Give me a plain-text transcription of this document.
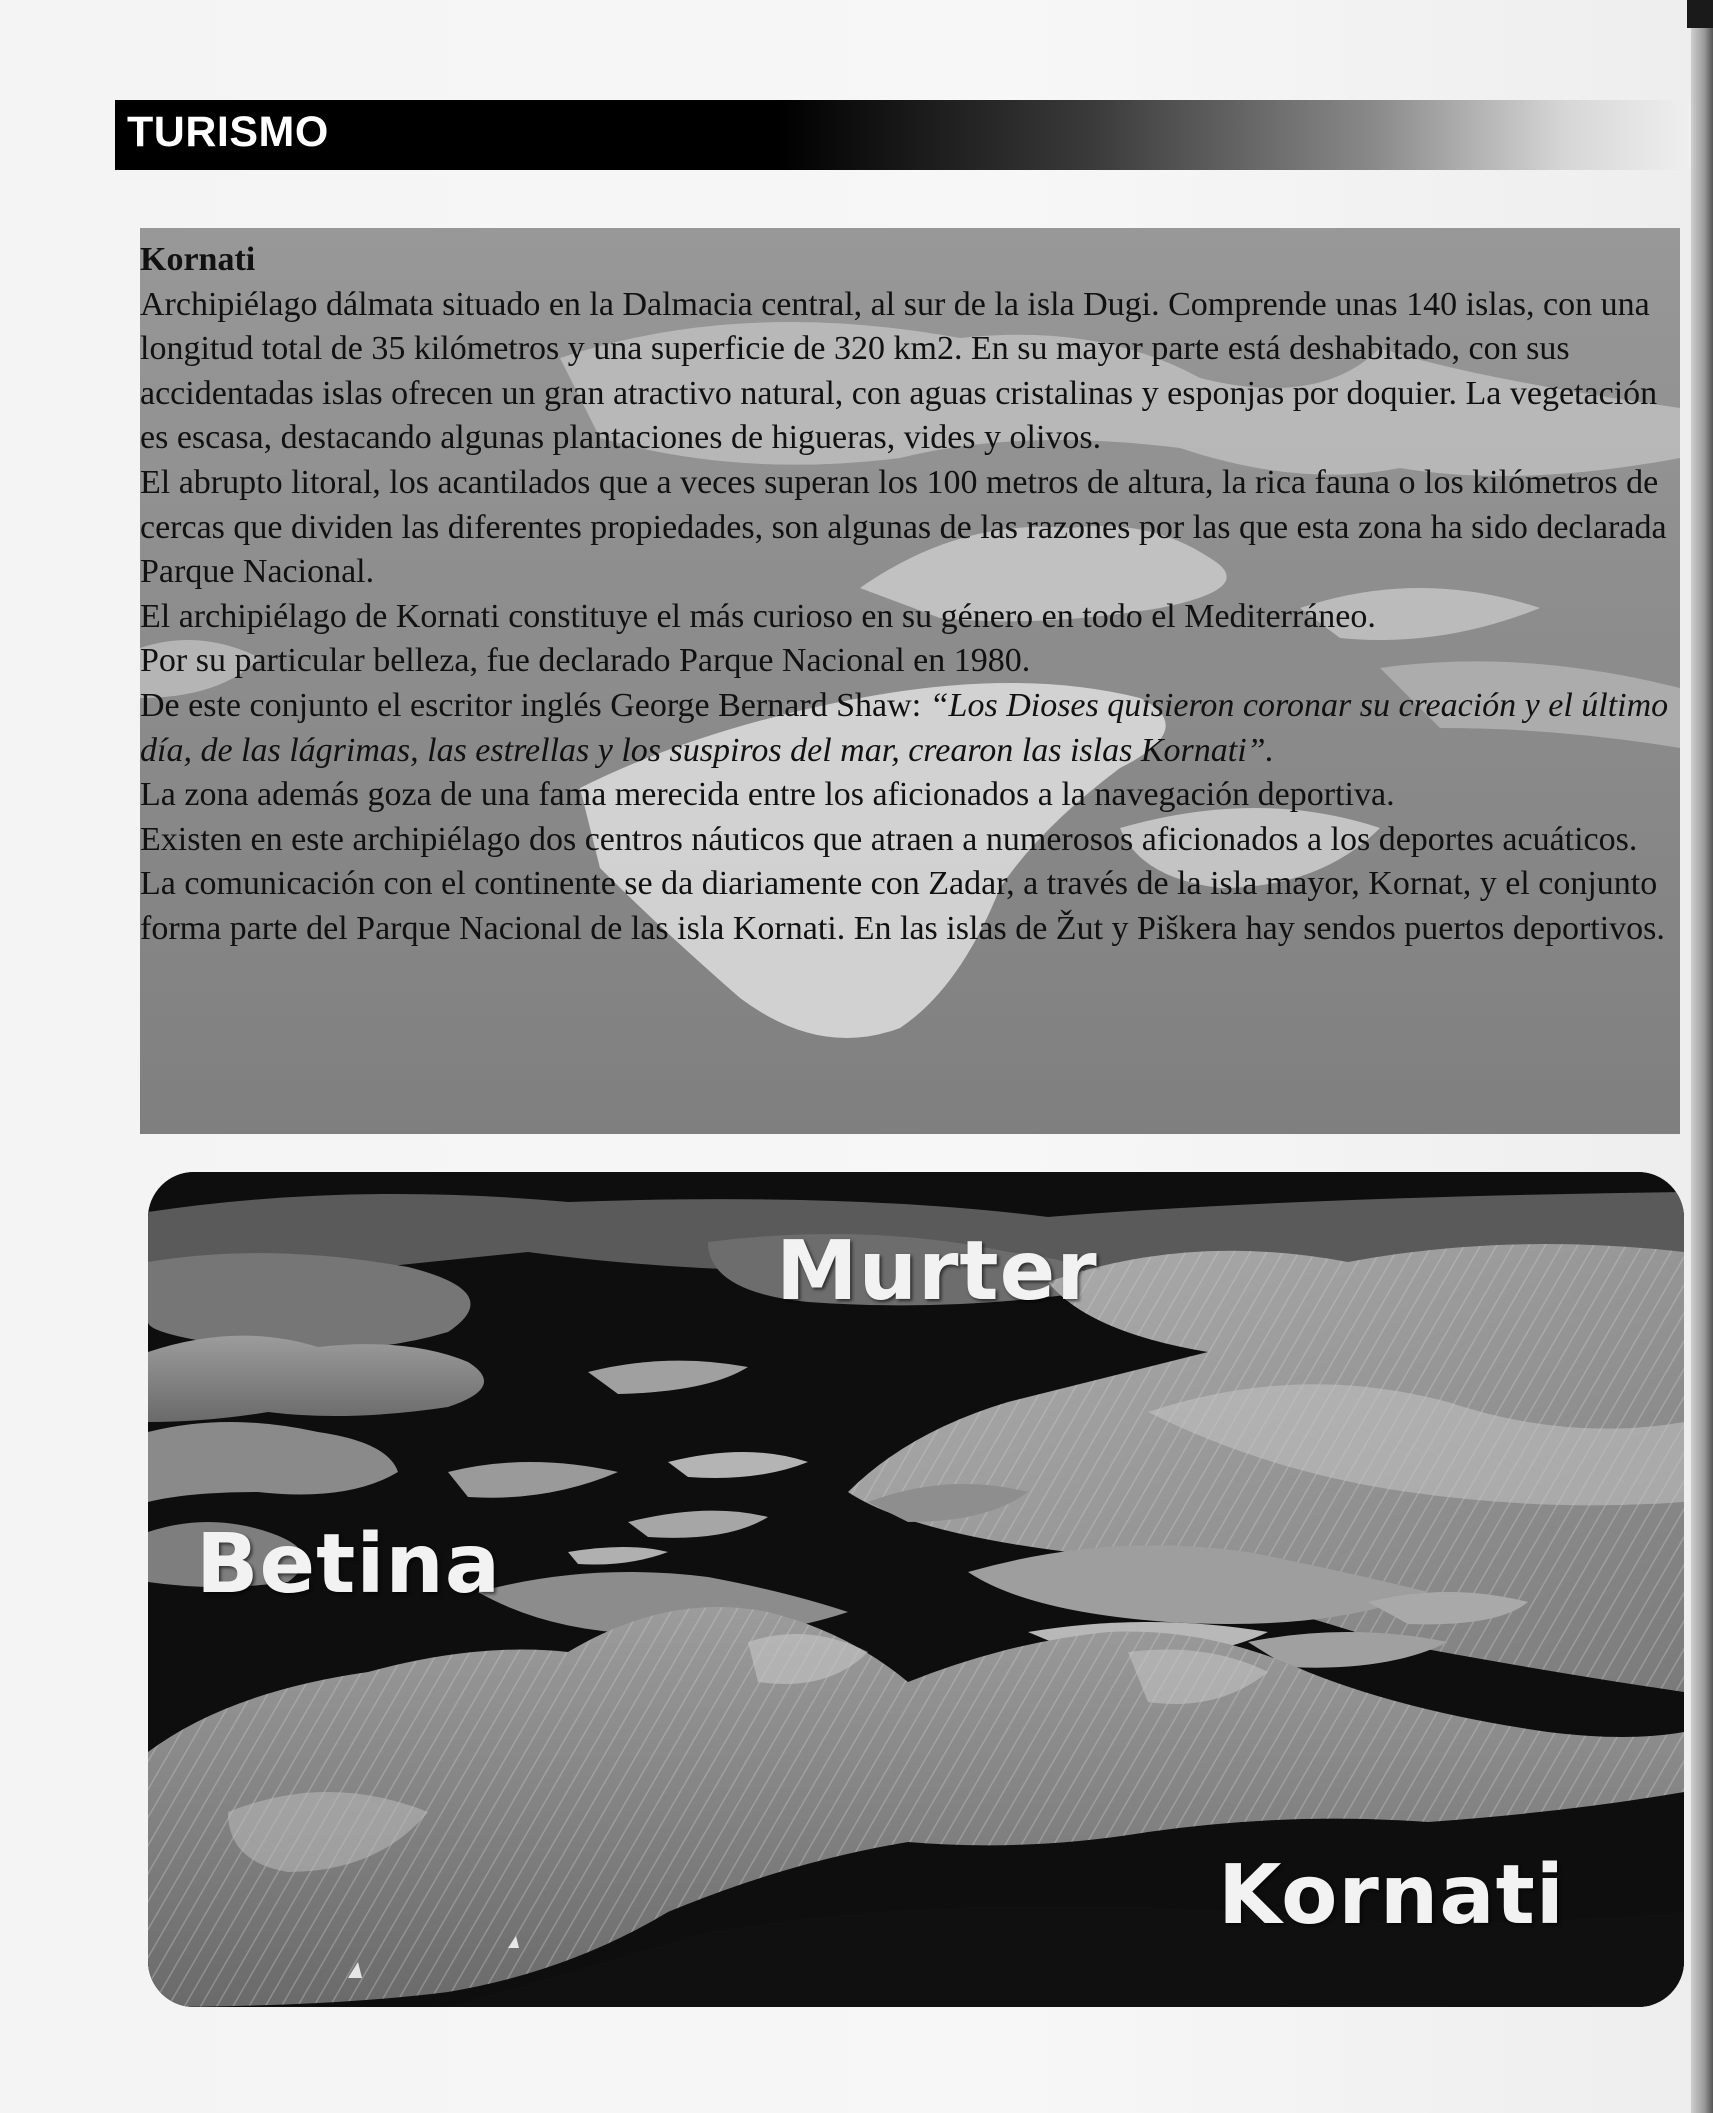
TURISMO

Kornati

Archipiélago dálmata situado en la Dalmacia central, al sur de la isla Dugi. Comprende unas 140 islas, con una longitud total de 35 kilómetros y una superficie de 320 km2. En su mayor parte está deshabitado, con sus accidentadas islas ofrecen un gran atractivo natural, con aguas cristalinas y esponjas por doquier. La vegetación es escasa, destacando algunas plantaciones de higueras, vides y olivos.

El abrupto litoral, los acantilados que a veces superan los 100 metros de altura, la rica fauna o los kilómetros de cercas que dividen las diferentes propiedades, son algunas de las razones por las que esta zona ha sido declarada Parque Nacional.

El archipiélago de Kornati constituye el más curioso en su género en todo el Mediterráneo.

Por su particular belleza, fue declarado Parque Nacional en 1980.

De este conjunto el escritor inglés George Bernard Shaw: “Los Dioses quisieron coronar su creación y el último día, de las lágrimas, las estrellas y los suspiros del mar, crearon las islas Kornati”.

La zona además goza de una fama merecida entre los aficionados a la navegación deportiva.

Existen en este archipiélago dos centros náuticos que atraen a numerosos aficionados a los deportes acuáticos.

La comunicación con el continente se da diariamente con Zadar, a través de la isla mayor, Kornat, y el conjunto forma parte del Parque Nacional de las isla Kornati. En las islas de Žut y Piškera hay sendos puertos deportivos.

Murter
Betina
Kornati
